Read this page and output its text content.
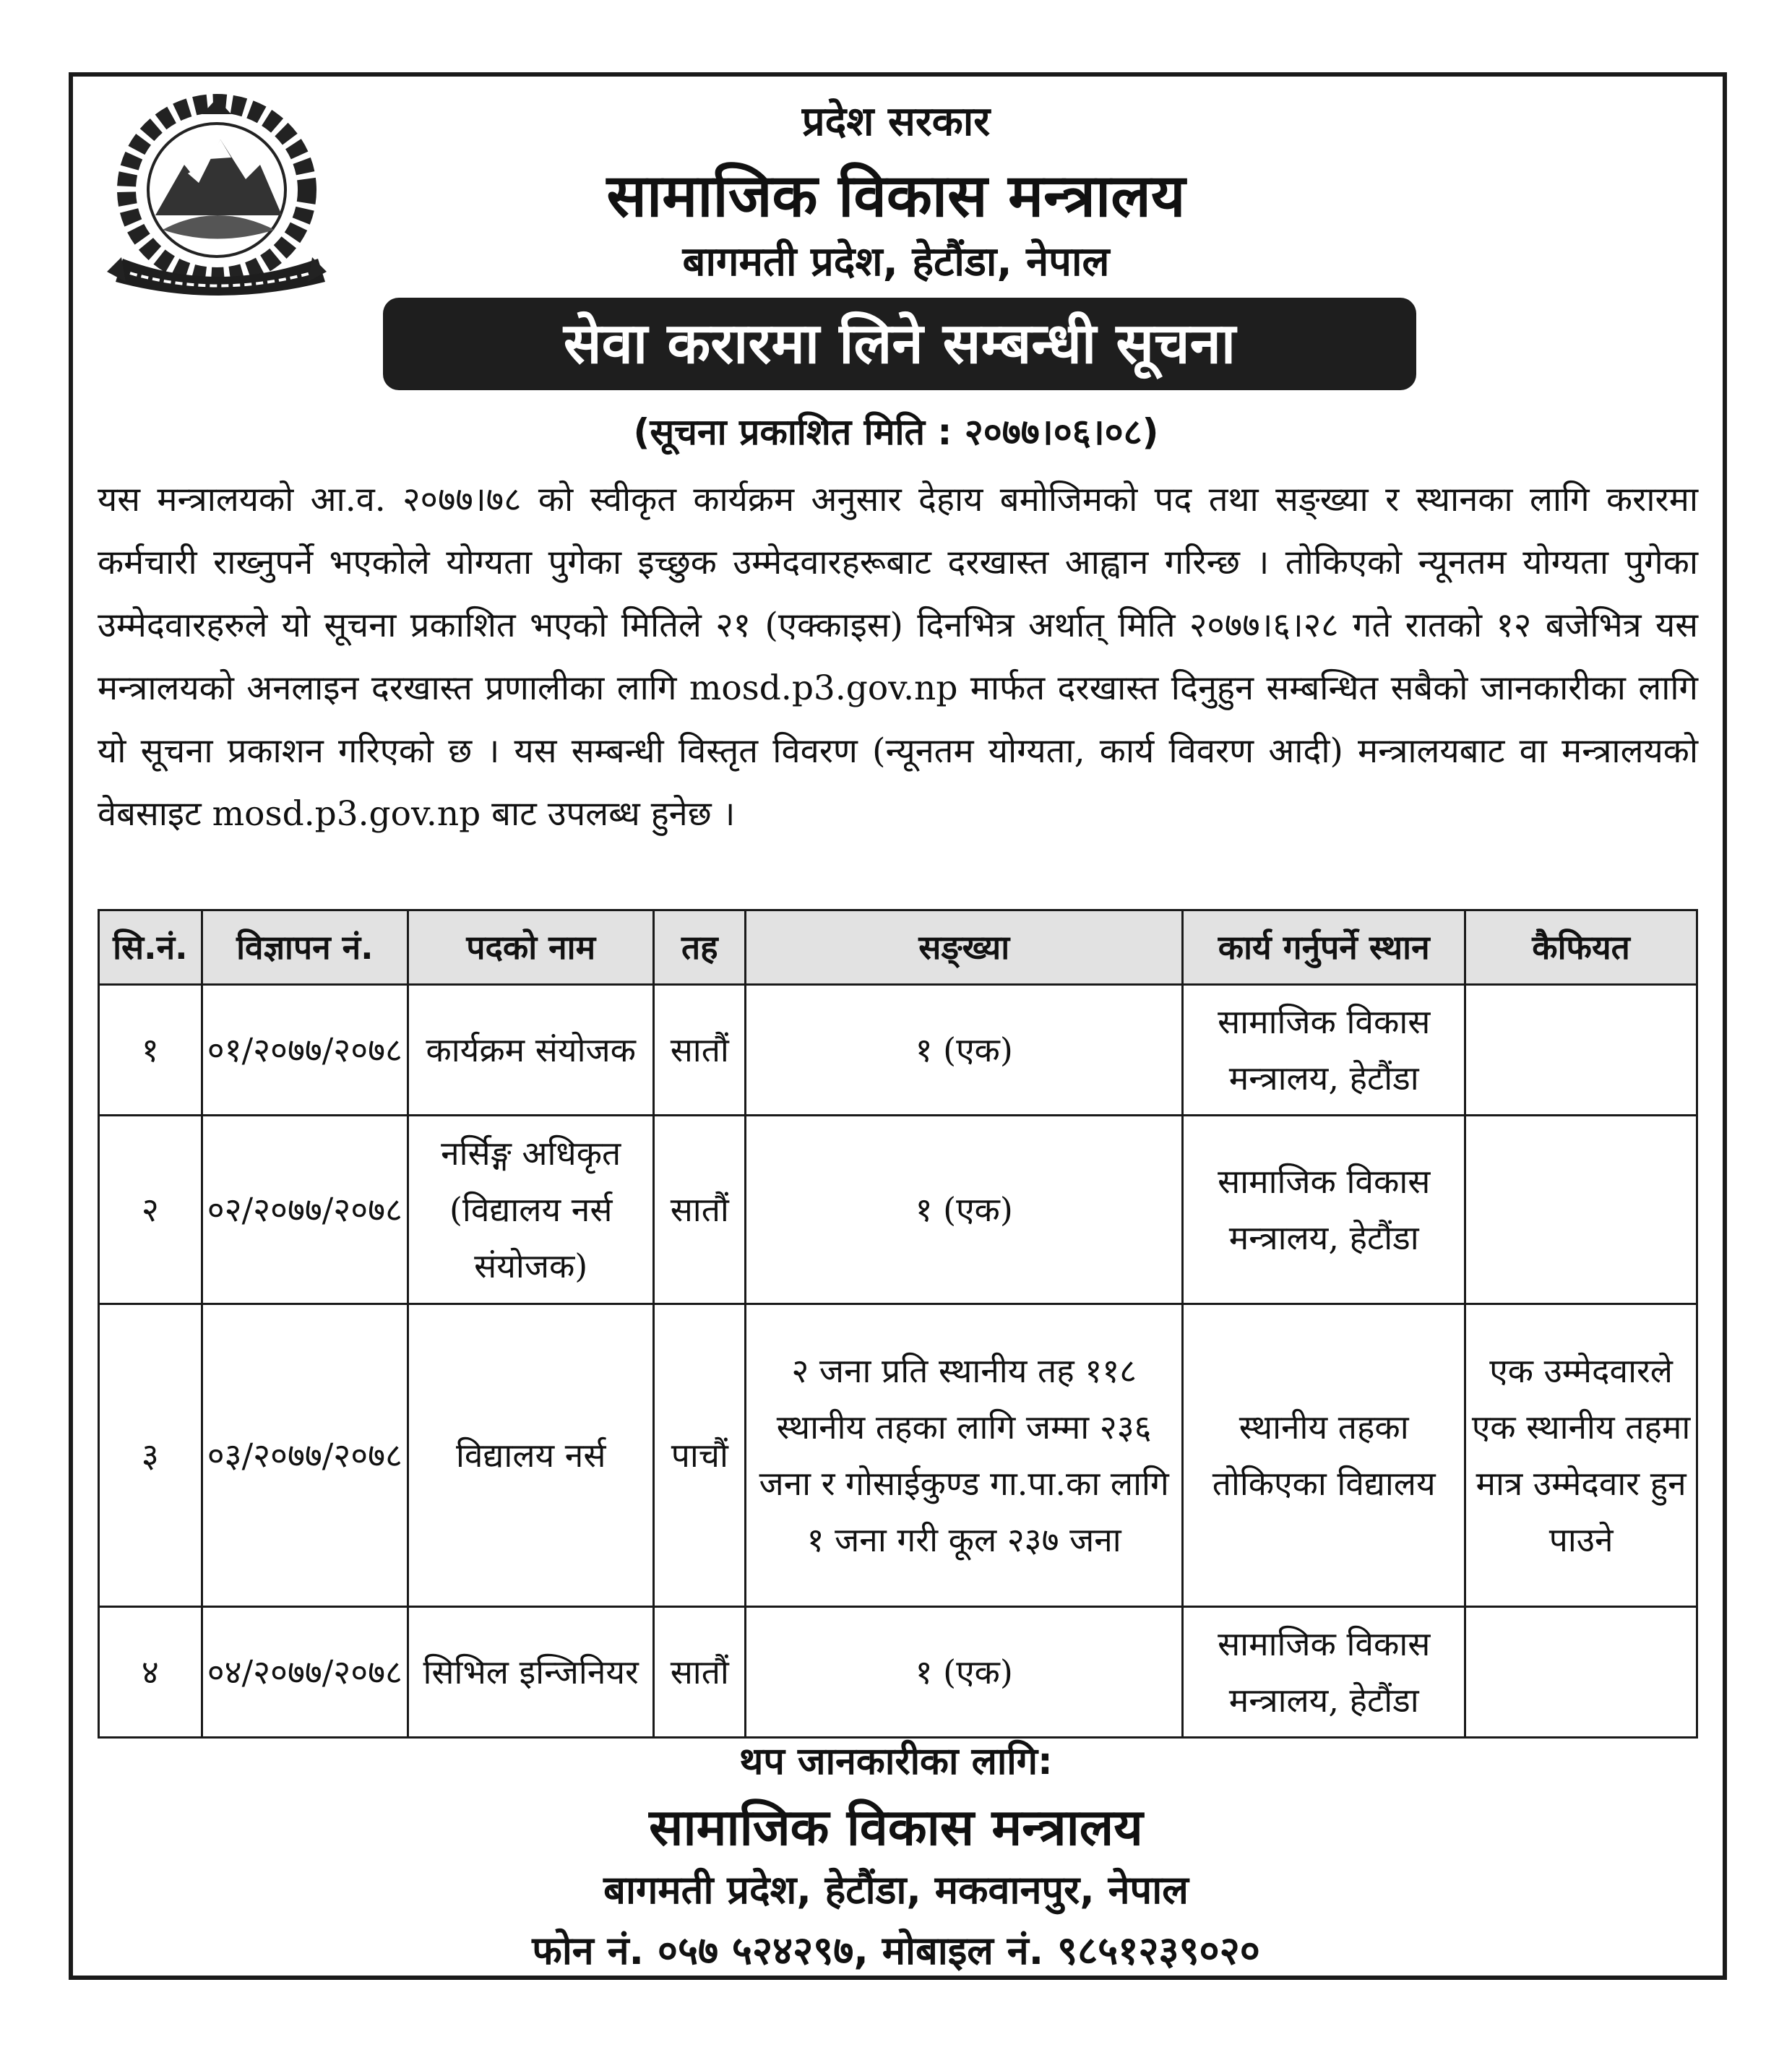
प्रदेश सरकार
सामाजिक विकास मन्त्रालय
बागमती प्रदेश, हेटौंडा, नेपाल
सेवा करारमा लिने सम्बन्धी सूचना
(सूचना प्रकाशित मिति : २०७७।०६।०८)
यस मन्त्रालयको आ.व. २०७७।७८ को स्वीकृत कार्यक्रम अनुसार देहाय बमोजिमको पद तथा सङ्ख्या र स्थानका लागि करारमा कर्मचारी राख्नुपर्ने भएकोले योग्यता पुगेका इच्छुक उम्मेदवारहरूबाट दरखास्त आह्वान गरिन्छ । तोकिएको न्यूनतम योग्यता पुगेका उम्मेदवारहरुले यो सूचना प्रकाशित भएको मितिले २१ (एक्काइस) दिनभित्र अर्थात् मिति २०७७।६।२८ गते रातको १२ बजेभित्र यस मन्त्रालयको अनलाइन दरखास्त प्रणालीका लागि mosd.p3.gov.np मार्फत दरखास्त दिनुहुन सम्बन्धित सबैको जानकारीका लागि यो सूचना प्रकाशन गरिएको छ । यस सम्बन्धी विस्तृत विवरण (न्यूनतम योग्यता, कार्य विवरण आदी) मन्त्रालयबाट वा मन्त्रालयको वेबसाइट mosd.p3.gov.np बाट उपलब्ध हुनेछ ।
सि.नं.	विज्ञापन नं.	पदको नाम	तह	सङ्ख्या	कार्य गर्नुपर्ने स्थान	कैफियत
१	०१/२०७७/२०७८	कार्यक्रम संयोजक	सातौं	१ (एक)	सामाजिक विकास मन्त्रालय, हेटौंडा	
२	०२/२०७७/२०७८	नर्सिङ्ग अधिकृत (विद्यालय नर्स संयोजक)	सातौं	१ (एक)	सामाजिक विकास मन्त्रालय, हेटौंडा	
३	०३/२०७७/२०७८	विद्यालय नर्स	पाचौं	२ जना प्रति स्थानीय तह ११८ स्थानीय तहका लागि जम्मा २३६ जना र गोसाईकुण्ड गा.पा.का लागि १ जना गरी कूल २३७ जना	स्थानीय तहका तोकिएका विद्यालय	एक उम्मेदवारले एक स्थानीय तहमा मात्र उम्मेदवार हुन पाउने
४	०४/२०७७/२०७८	सिभिल इन्जिनियर	सातौं	१ (एक)	सामाजिक विकास मन्त्रालय, हेटौंडा	
थप जानकारीका लागि:
सामाजिक विकास मन्त्रालय
बागमती प्रदेश, हेटौंडा, मकवानपुर, नेपाल
फोन नं. ०५७ ५२४२९७, मोबाइल नं. ९८५१२३९०२०
